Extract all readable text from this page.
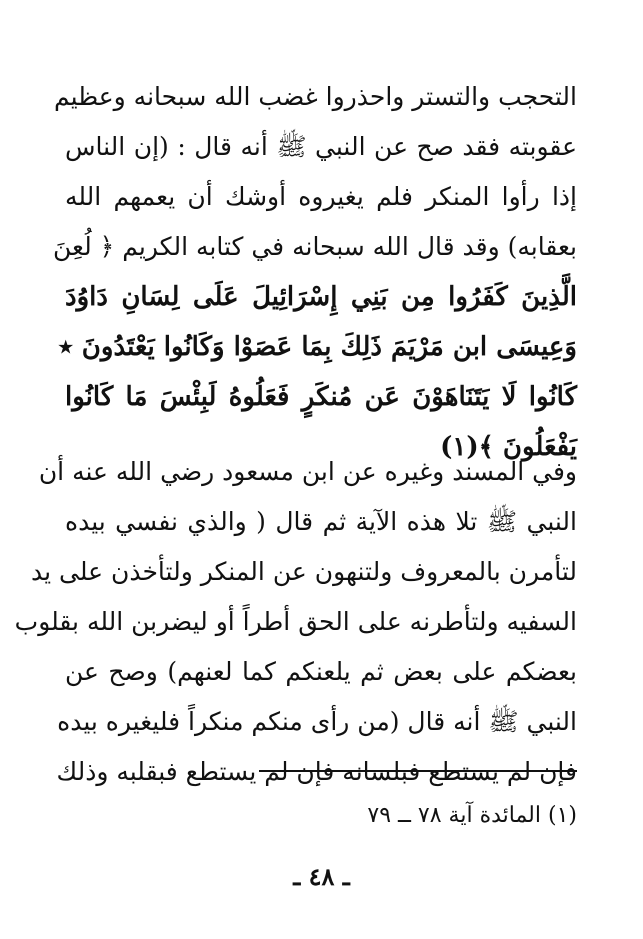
التحجب والتستر واحذروا غضب الله سبحانه وعظيم
عقوبته فقد صح عن النبي ﷺ أنه قال : (إن الناس
إذا رأوا المنكر فلم يغيروه أوشك أن يعمهم الله
بعقابه) وقد قال الله سبحانه في كتابه الكريم ﴿ لُعِنَ
الَّذِينَ كَفَرُوا مِن بَنِي إِسْرَائِيلَ عَلَى لِسَانِ دَاوُدَ
وَعِيسَى ابن مَرْيَمَ ذَلِكَ بِمَا عَصَوْا وَكَانُوا يَعْتَدُونَ ٭
كَانُوا لَا يَتَنَاهَوْنَ عَن مُنكَرٍ فَعَلُوهُ لَبِئْسَ مَا كَانُوا
يَفْعَلُونَ ﴾(١)
وفي المسند وغيره عن ابن مسعود رضي الله عنه أن
النبي ﷺ تلا هذه الآية ثم قال ( والذي نفسي بيده
لتأمرن بالمعروف ولتنهون عن المنكر ولتأخذن على يد
السفيه ولتأطرنه على الحق أطراً أو ليضربن الله بقلوب
بعضكم على بعض ثم يلعنكم كما لعنهم) وصح عن
النبي ﷺ أنه قال (من رأى منكم منكراً فليغيره بيده
فإن لم يستطع فبلسانه فإن لم يستطع فبقلبه وذلك
(١) المائدة آية ٧٨ ــ ٧٩
ـ ٤٨ ـ
